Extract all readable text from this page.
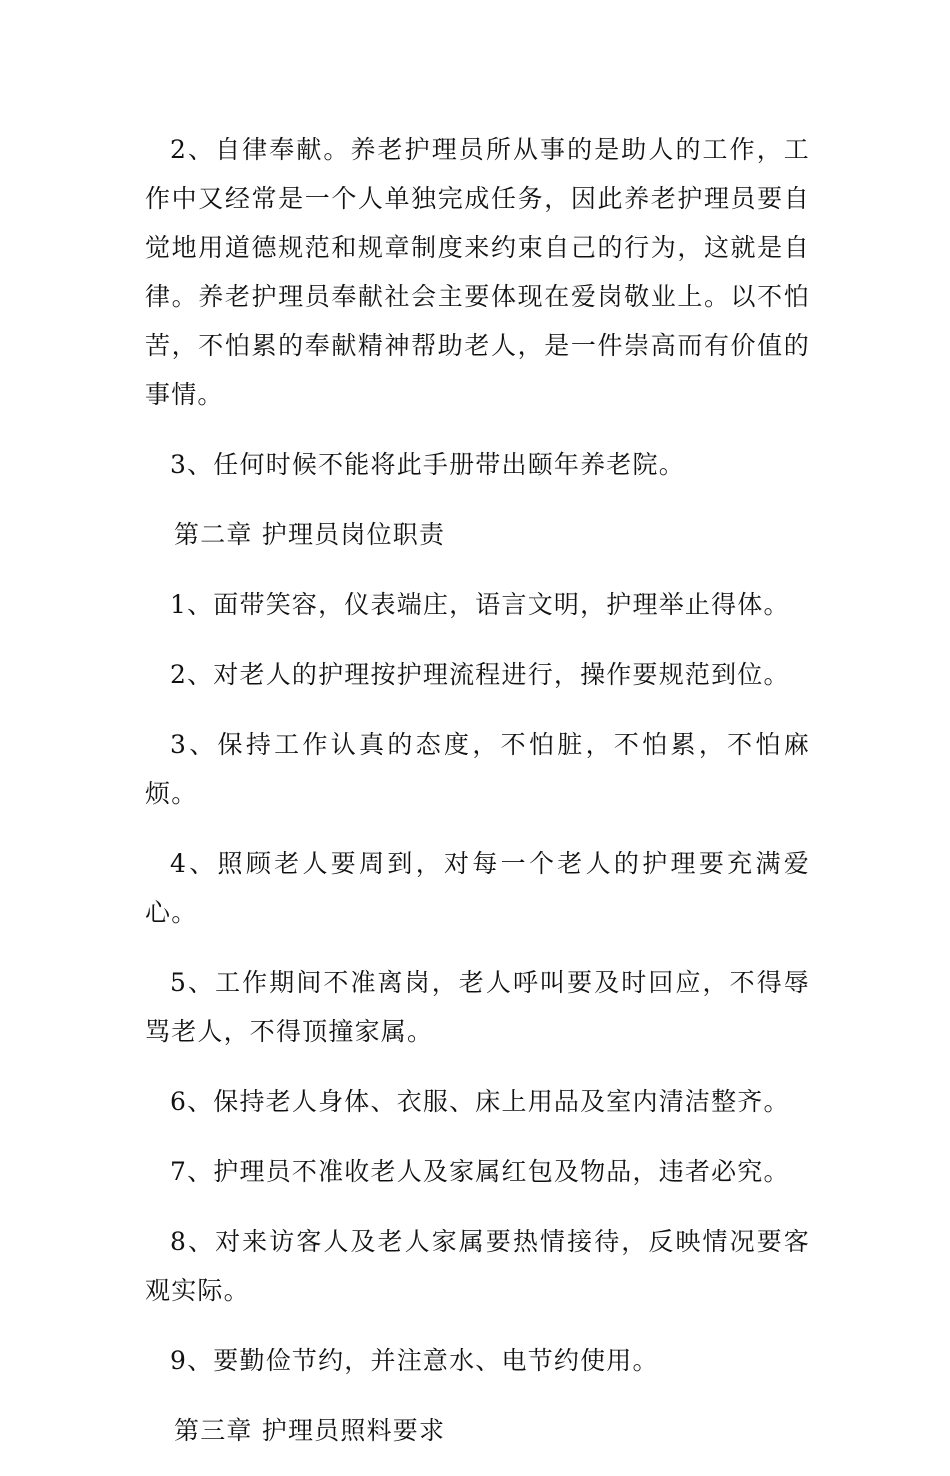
2、自律奉献。养老护理员所从事的是助人的工作，工作中又经常是一个人单独完成任务，因此养老护理员要自觉地用道德规范和规章制度来约束自己的行为，这就是自律。养老护理员奉献社会主要体现在爱岗敬业上。以不怕苦，不怕累的奉献精神帮助老人，是一件崇高而有价值的事情。

3、任何时候不能将此手册带出颐年养老院。

第二章 护理员岗位职责

1、面带笑容，仪表端庄，语言文明，护理举止得体。

2、对老人的护理按护理流程进行，操作要规范到位。

3、保持工作认真的态度，不怕脏，不怕累，不怕麻烦。

4、照顾老人要周到，对每一个老人的护理要充满爱心。

5、工作期间不准离岗，老人呼叫要及时回应，不得辱骂老人，不得顶撞家属。

6、保持老人身体、衣服、床上用品及室内清洁整齐。

7、护理员不准收老人及家属红包及物品，违者必究。

8、对来访客人及老人家属要热情接待，反映情况要客观实际。

9、要勤俭节约，并注意水、电节约使用。

第三章 护理员照料要求
